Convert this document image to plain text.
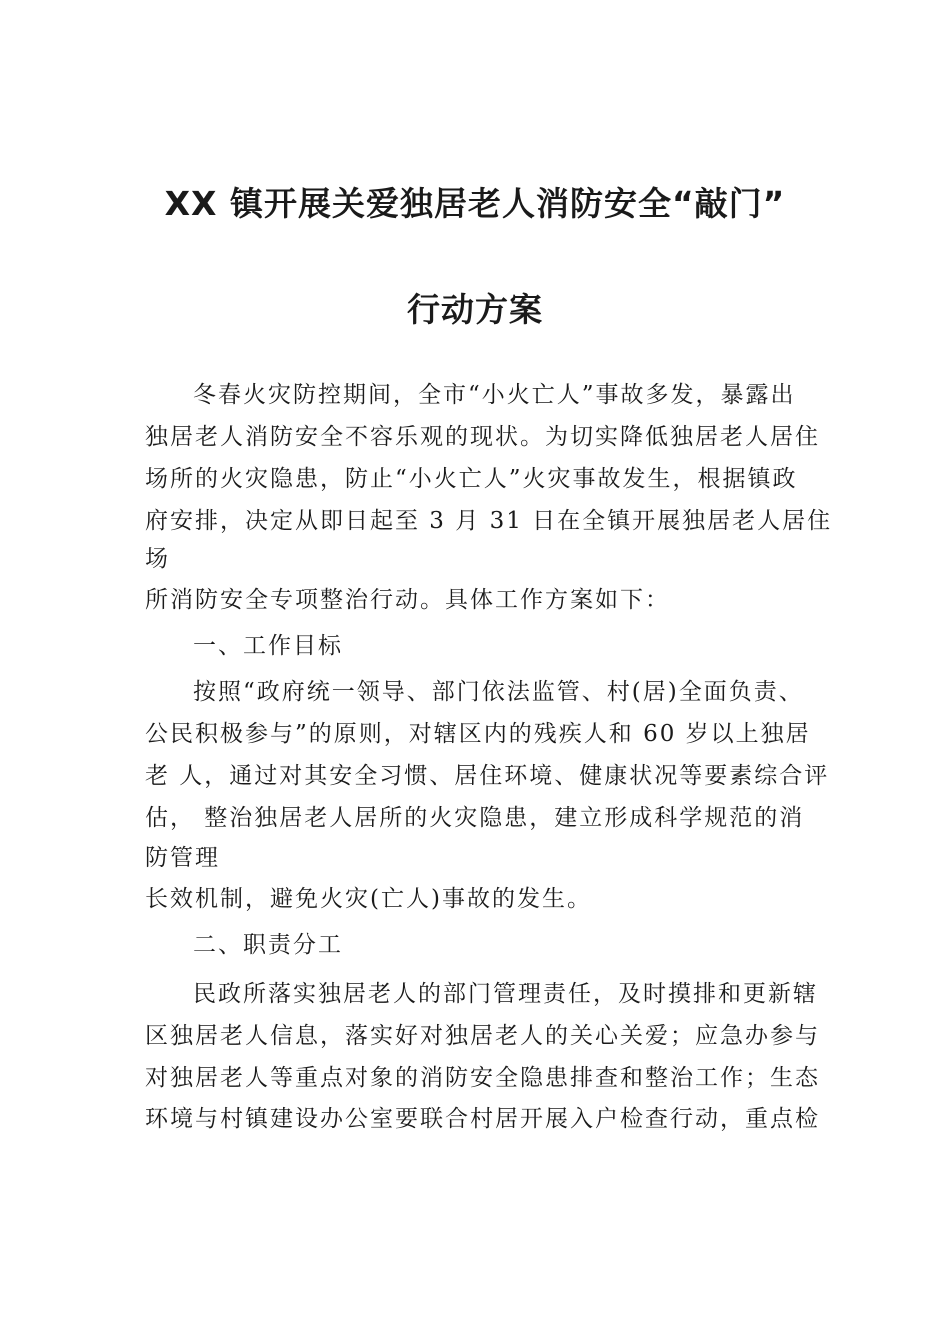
XX 镇开展关爱独居老人消防安全“敲门”
行动方案
冬春火灾防控期间，全市“小火亡人”事故多发，暴露出
独居老人消防安全不容乐观的现状。为切实降低独居老人居住
场所的火灾隐患，防止“小火亡人”火灾事故发生，根据镇政
府安排，决定从即日起至 3 月 31 日在全镇开展独居老人居住
场
所消防安全专项整治行动。具体工作方案如下：
一、工作目标
按照“政府统一领导、部门依法监管、村(居)全面负责、
公民积极参与”的原则，对辖区内的残疾人和 60 岁以上独居
老 人，通过对其安全习惯、居住环境、健康状况等要素综合评
估， 整治独居老人居所的火灾隐患，建立形成科学规范的消
防管理
长效机制，避免火灾(亡人)事故的发生。
二、职责分工
民政所落实独居老人的部门管理责任，及时摸排和更新辖
区独居老人信息，落实好对独居老人的关心关爱；应急办参与
对独居老人等重点对象的消防安全隐患排查和整治工作；生态
环境与村镇建设办公室要联合村居开展入户检查行动，重点检
